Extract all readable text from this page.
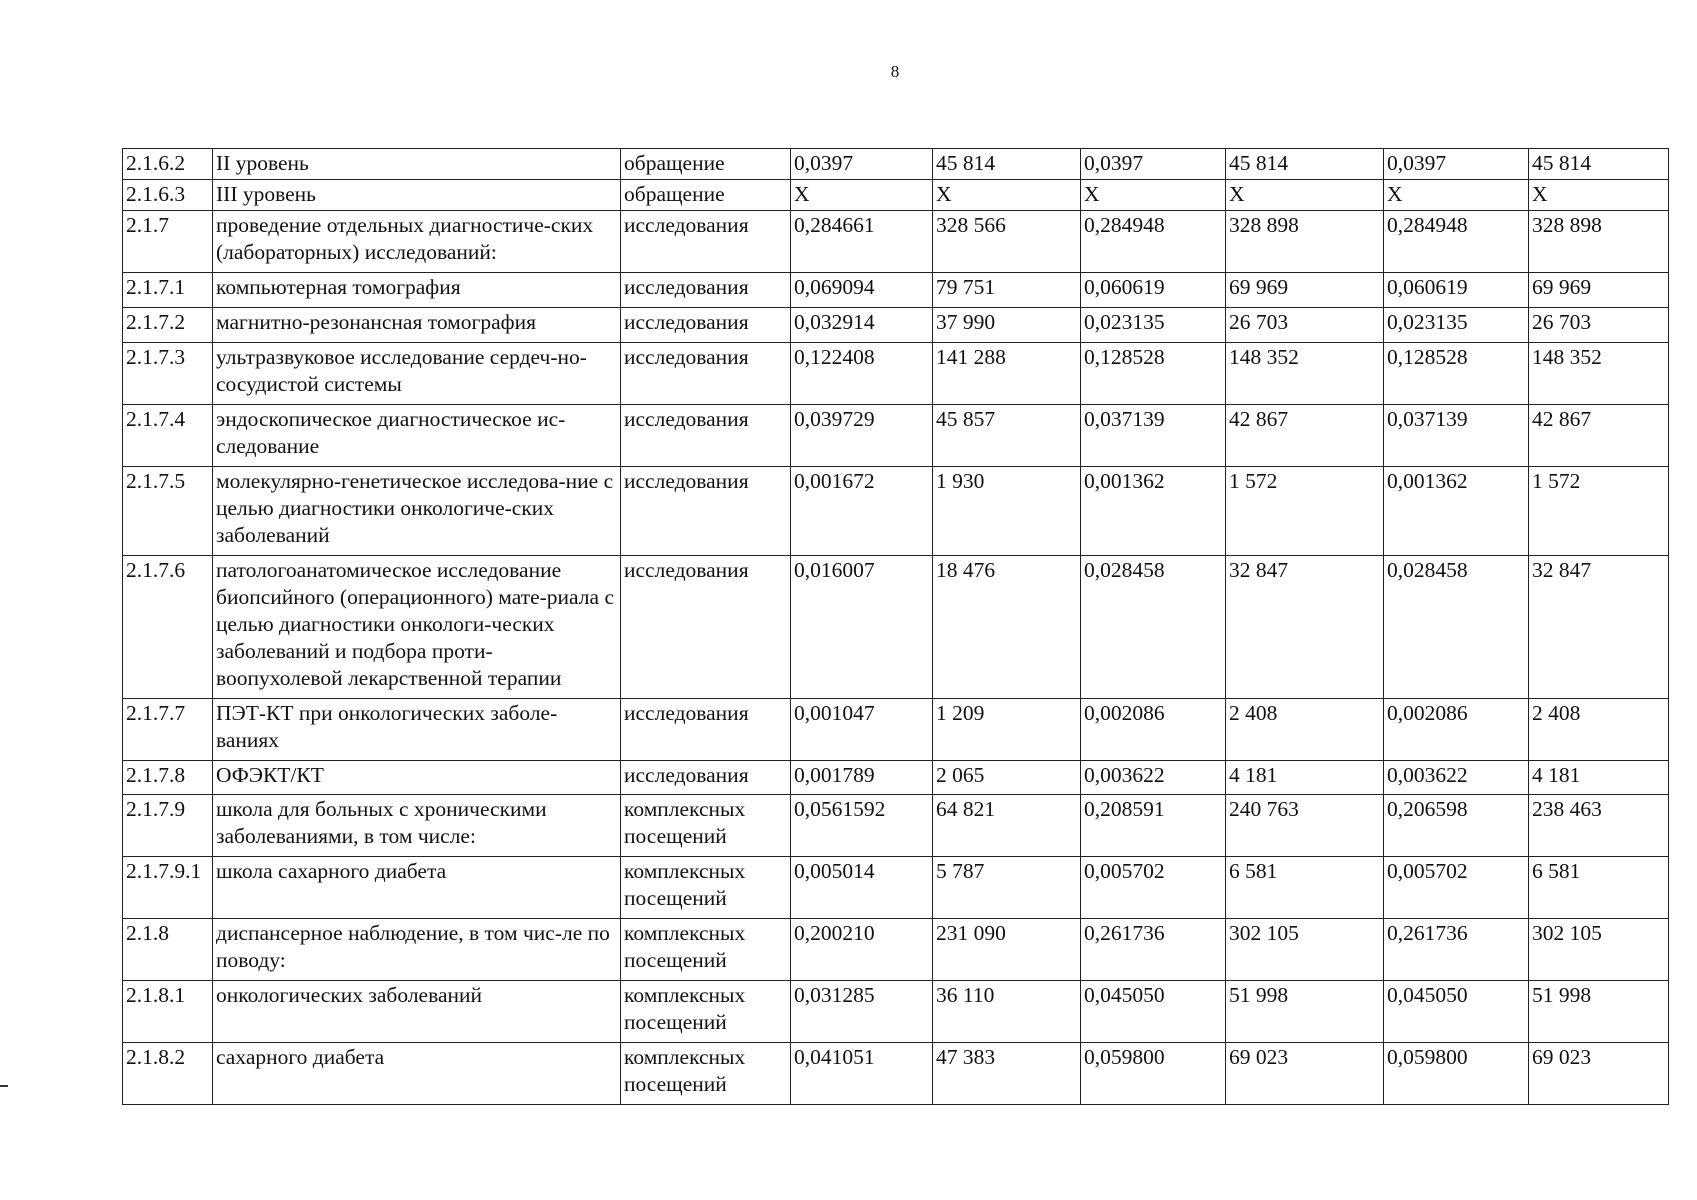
8
2.1.6.2	II уровень	обращение	0,0397	45 814	0,0397	45 814	0,0397	45 814
2.1.6.3	III уровень	обращение	X	X	X	X	X	X
2.1.7	проведение отдельных диагностиче-ских (лабораторных) исследований:	исследования	0,284661	328 566	0,284948	328 898	0,284948	328 898
2.1.7.1	компьютерная томография	исследования	0,069094	79 751	0,060619	69 969	0,060619	69 969
2.1.7.2	магнитно-резонансная томография	исследования	0,032914	37 990	0,023135	26 703	0,023135	26 703
2.1.7.3	ультразвуковое исследование сердеч-но-сосудистой системы	исследования	0,122408	141 288	0,128528	148 352	0,128528	148 352
2.1.7.4	эндоскопическое диагностическое ис-следование	исследования	0,039729	45 857	0,037139	42 867	0,037139	42 867
2.1.7.5	молекулярно-генетическое исследова-ние с целью диагностики онкологиче-ских заболеваний	исследования	0,001672	1 930	0,001362	1 572	0,001362	1 572
2.1.7.6	патологоанатомическое исследование биопсийного (операционного) мате-риала с целью диагностики онкологи-ческих заболеваний и подбора проти-воопухолевой лекарственной терапии	исследования	0,016007	18 476	0,028458	32 847	0,028458	32 847
2.1.7.7	ПЭТ-КТ при онкологических заболе-ваниях	исследования	0,001047	1 209	0,002086	2 408	0,002086	2 408
2.1.7.8	ОФЭКТ/КТ	исследования	0,001789	2 065	0,003622	4 181	0,003622	4 181
2.1.7.9	школа для больных с хроническими заболеваниями, в том числе:	комплексных посещений	0,0561592	64 821	0,208591	240 763	0,206598	238 463
2.1.7.9.1	школа сахарного диабета	комплексных посещений	0,005014	5 787	0,005702	6 581	0,005702	6 581
2.1.8	диспансерное наблюдение, в том чис-ле по поводу:	комплексных посещений	0,200210	231 090	0,261736	302 105	0,261736	302 105
2.1.8.1	онкологических заболеваний	комплексных посещений	0,031285	36 110	0,045050	51 998	0,045050	51 998
2.1.8.2	сахарного диабета	комплексных посещений	0,041051	47 383	0,059800	69 023	0,059800	69 023
